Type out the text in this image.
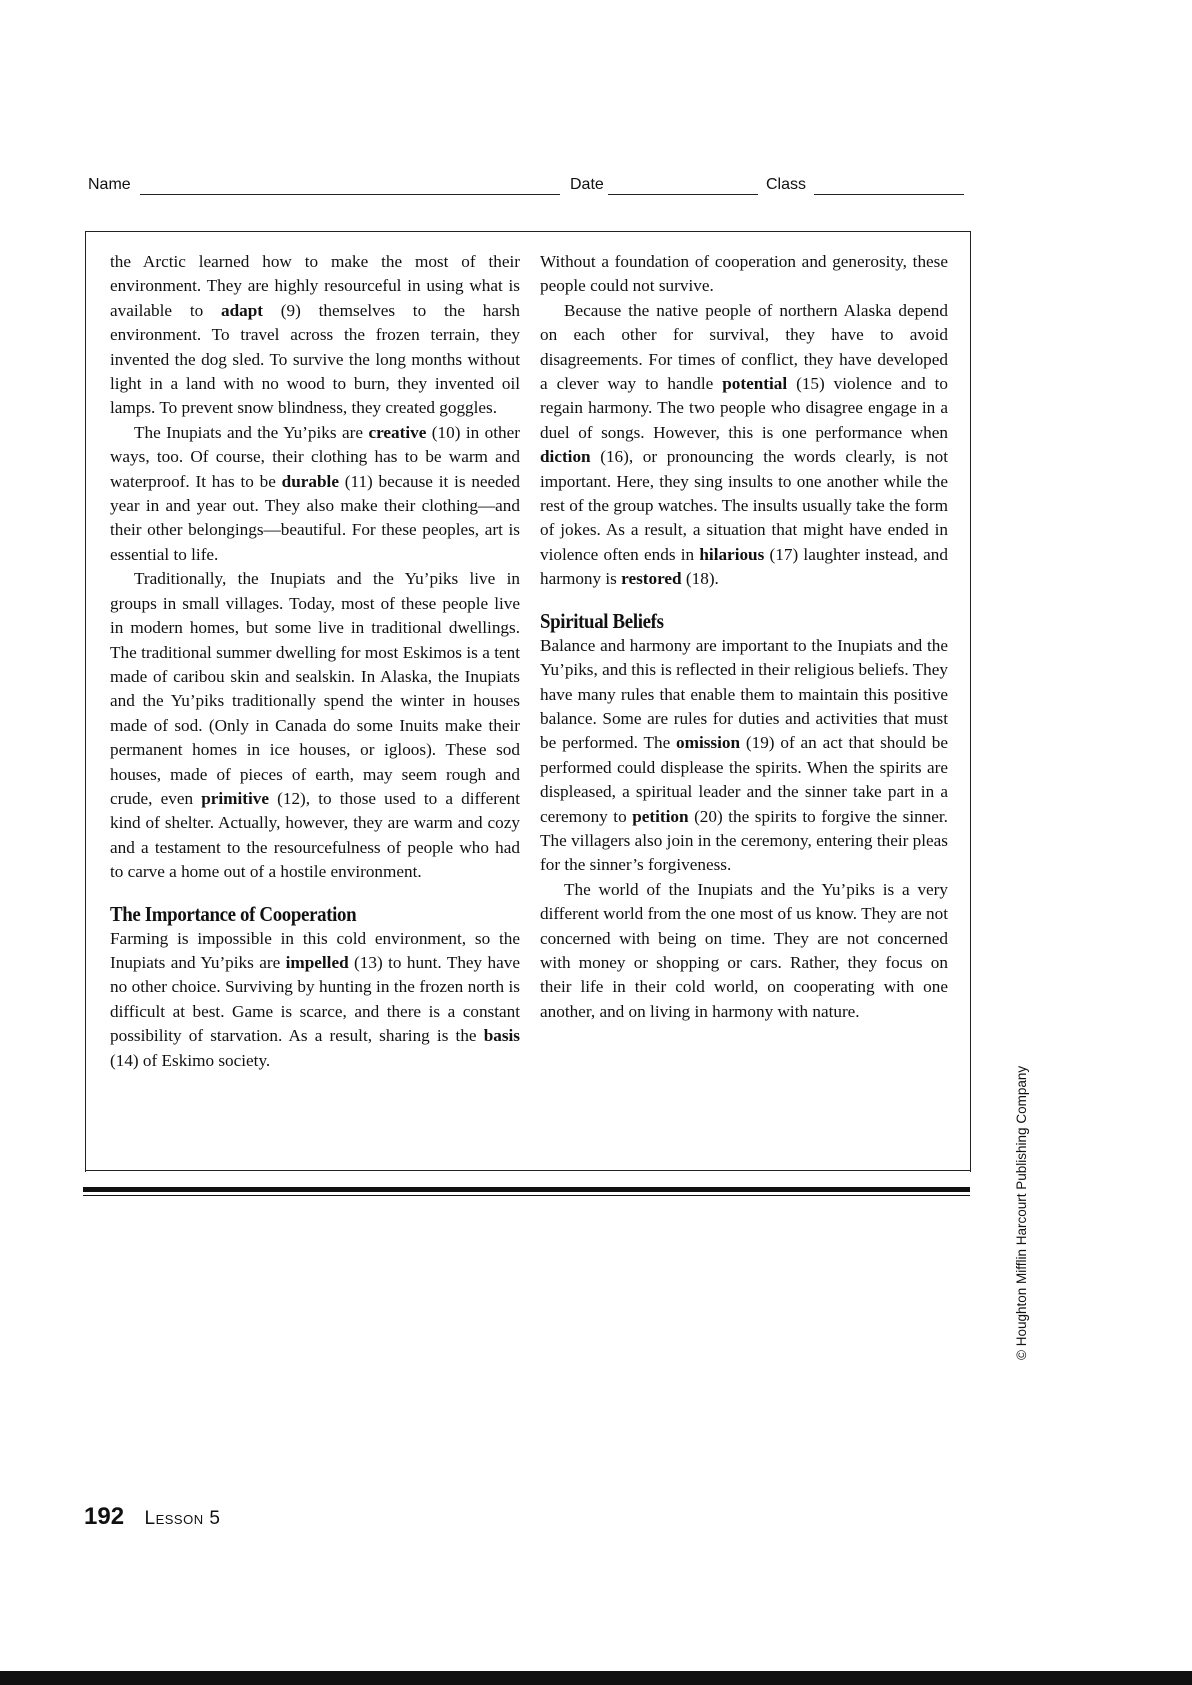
Name	Date	Class

the Arctic learned how to make the most of their environment. They are highly resourceful in using what is available to adapt (9) themselves to the harsh environment. To travel across the frozen terrain, they invented the dog sled. To survive the long months without light in a land with no wood to burn, they invented oil lamps. To prevent snow blindness, they created goggles.

The Inupiats and the Yu’piks are creative (10) in other ways, too. Of course, their clothing has to be warm and waterproof. It has to be durable (11) because it is needed year in and year out. They also make their clothing—and their other belongings—beautiful. For these peoples, art is essential to life.

Traditionally, the Inupiats and the Yu’piks live in groups in small villages. Today, most of these people live in modern homes, but some live in traditional dwellings. The traditional summer dwelling for most Eskimos is a tent made of caribou skin and sealskin. In Alaska, the Inupiats and the Yu’piks traditionally spend the winter in houses made of sod. (Only in Canada do some Inuits make their permanent homes in ice houses, or igloos). These sod houses, made of pieces of earth, may seem rough and crude, even primitive (12), to those used to a different kind of shelter. Actually, however, they are warm and cozy and a testament to the resourcefulness of people who had to carve a home out of a hostile environment.

The Importance of Cooperation

Farming is impossible in this cold environment, so the Inupiats and Yu’piks are impelled (13) to hunt. They have no other choice. Surviving by hunting in the frozen north is difficult at best. Game is scarce, and there is a constant possibility of starvation. As a result, sharing is the basis (14) of Eskimo society.

Without a foundation of cooperation and generosity, these people could not survive.

Because the native people of northern Alaska depend on each other for survival, they have to avoid disagreements. For times of conflict, they have developed a clever way to handle potential (15) violence and to regain harmony. The two people who disagree engage in a duel of songs. However, this is one performance when diction (16), or pronouncing the words clearly, is not important. Here, they sing insults to one another while the rest of the group watches. The insults usually take the form of jokes. As a result, a situation that might have ended in violence often ends in hilarious (17) laughter instead, and harmony is restored (18).

Spiritual Beliefs

Balance and harmony are important to the Inupiats and the Yu’piks, and this is reflected in their religious beliefs. They have many rules that enable them to maintain this positive balance. Some are rules for duties and activities that must be performed. The omission (19) of an act that should be performed could displease the spirits. When the spirits are displeased, a spiritual leader and the sinner take part in a ceremony to petition (20) the spirits to forgive the sinner. The villagers also join in the ceremony, entering their pleas for the sinner’s forgiveness.

The world of the Inupiats and the Yu’piks is a very different world from the one most of us know. They are not concerned with being on time. They are not concerned with money or shopping or cars. Rather, they focus on their life in their cold world, on cooperating with one another, and on living in harmony with nature.

© Houghton Mifflin Harcourt Publishing Company
192 Lesson 5
